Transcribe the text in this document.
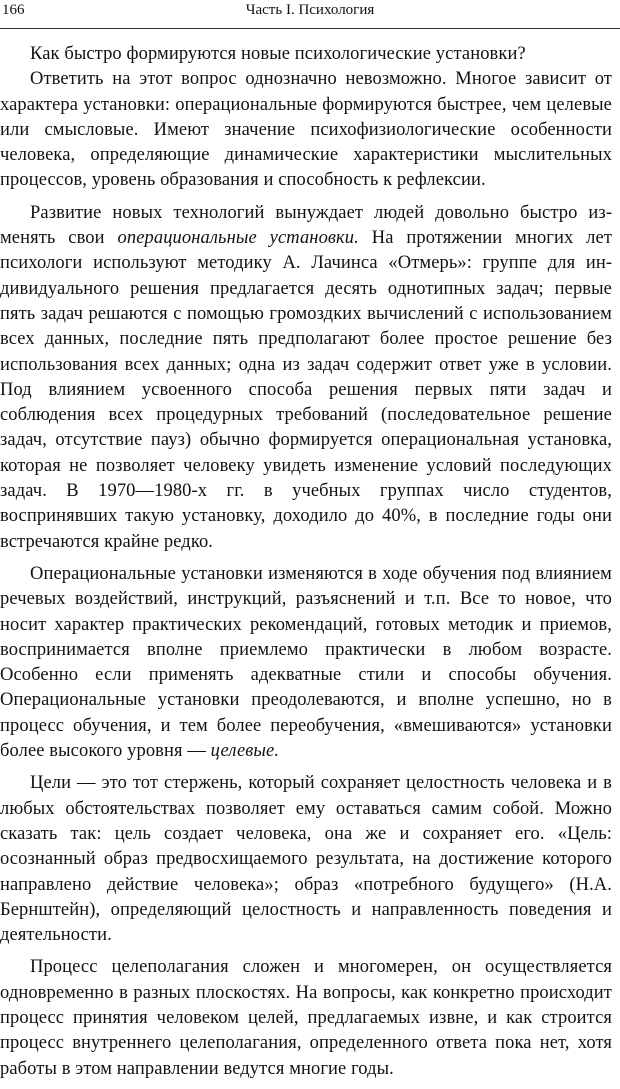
166	Часть I. Психология

Как быстро формируются новые психологические установки?

Ответить на этот вопрос однозначно невозможно. Многое зависит от характера установки: операциональные формируются быстрее, чем целевые или смысловые. Имеют значение психофизиологические особенности человека, определяющие динамические характеристики мыслительных процессов, уровень образования и способность к рефлексии.

Развитие новых технологий вынуждает людей довольно быстро изменять свои операциональные установки. На протяжении многих лет психологи используют методику А. Лачинса «Отмерь»: группе для индивидуального решения предлагается десять однотипных задач; первые пять задач решаются с помощью громоздких вычислений с использованием всех данных, последние пять предполагают более простое решение без использования всех данных; одна из задач содержит ответ уже в условии. Под влиянием усвоенного способа решения первых пяти задач и соблюдения всех процедурных требований (последовательное решение задач, отсутствие пауз) обычно формируется операциональная установка, которая не позволяет человеку увидеть изменение условий последующих задач. В 1970—1980-х гг. в учебных группах число студентов, воспринявших такую установку, доходило до 40%, в последние годы они встречаются крайне редко.

Операциональные установки изменяются в ходе обучения под влиянием речевых воздействий, инструкций, разъяснений и т.п. Все то новое, что носит характер практических рекомендаций, готовых методик и приемов, воспринимается вполне приемлемо практически в любом возрасте. Особенно если применять адекватные стили и способы обучения. Операциональные установки преодолеваются, и вполне успешно, но в процесс обучения, и тем более переобучения, «вмешиваются» установки более высокого уровня — целевые.

Цели — это тот стержень, который сохраняет целостность человека и в любых обстоятельствах позволяет ему оставаться самим собой. Можно сказать так: цель создает человека, она же и сохраняет его. «Цель: осознанный образ предвосхищаемого результата, на достижение которого направлено действие человека»; образ «потребного будущего» (Н.А. Бернштейн), определяющий целостность и направленность поведения и деятельности.

Процесс целеполагания сложен и многомерен, он осуществляется одновременно в разных плоскостях. На вопросы, как конкретно происходит процесс принятия человеком целей, предлагаемых извне, и как строится процесс внутреннего целеполагания, определенного ответа пока нет, хотя работы в этом направлении ведутся многие годы.
